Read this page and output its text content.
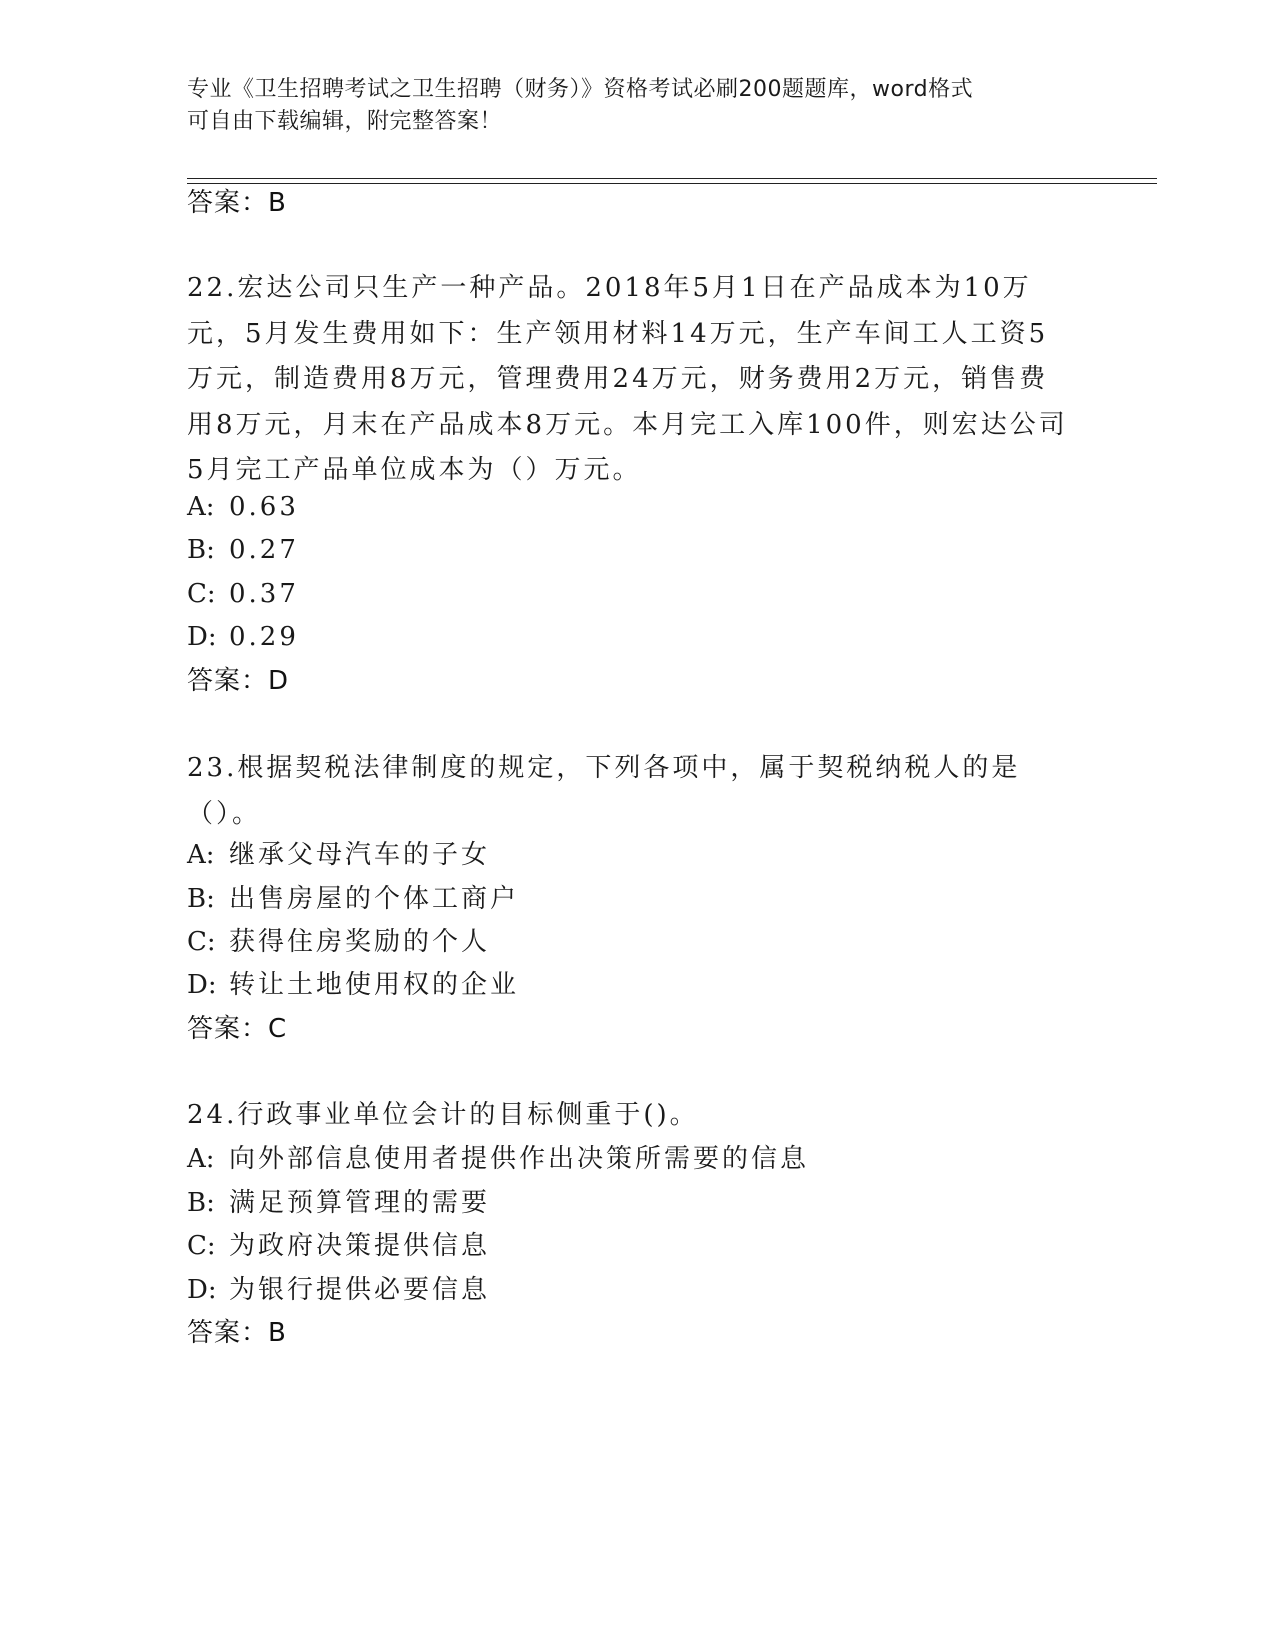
专业《卫生招聘考试之卫生招聘（财务）》资格考试必刷200题题库，word格式
可自由下载编辑，附完整答案！
答案：B
22.宏达公司只生产一种产品。2018年5月1日在产品成本为10万元，5月发生费用如下：生产领用材料14万元，生产车间工人工资5万元，制造费用8万元，管理费用24万元，财务费用2万元，销售费用8万元，月末在产品成本8万元。本月完工入库100件，则宏达公司5月完工产品单位成本为（）万元。
A: 0.63
B: 0.27
C: 0.37
D: 0.29
答案：D
23.根据契税法律制度的规定，下列各项中，属于契税纳税人的是（）。
A: 继承父母汽车的子女
B: 出售房屋的个体工商户
C: 获得住房奖励的个人
D: 转让土地使用权的企业
答案：C
24.行政事业单位会计的目标侧重于()。
A: 向外部信息使用者提供作出决策所需要的信息
B: 满足预算管理的需要
C: 为政府决策提供信息
D: 为银行提供必要信息
答案：B
